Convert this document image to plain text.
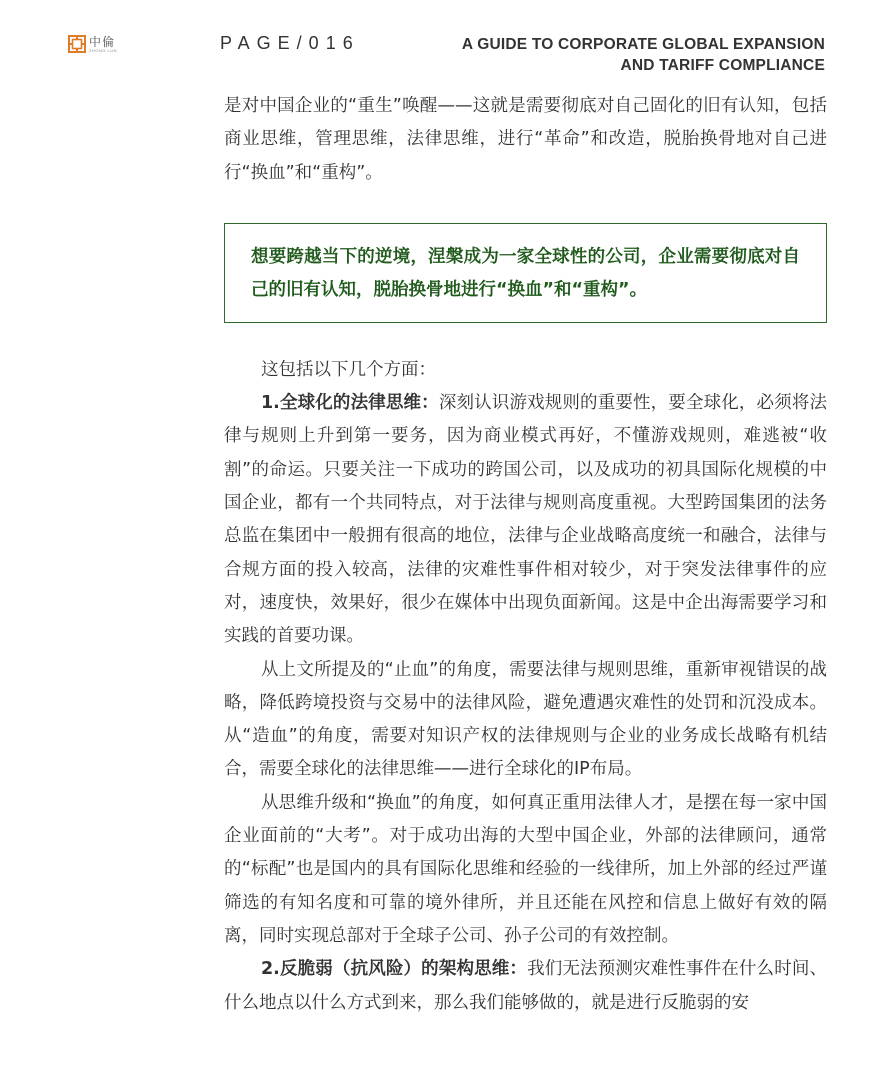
中倫
ZHONG LUN	PAGE/016	A GUIDE TO CORPORATE GLOBAL EXPANSION
AND TARIFF COMPLIANCE

是对中国企业的“重生”唤醒——这就是需要彻底对自己固化的旧有认知，包括商业思维，管理思维，法律思维，进行“革命”和改造，脱胎换骨地对自己进行“换血”和“重构”。

想要跨越当下的逆境，涅槃成为一家全球性的公司，企业需要彻底对自己的旧有认知，脱胎换骨地进行“换血”和“重构”。

这包括以下几个方面：

1.全球化的法律思维：深刻认识游戏规则的重要性，要全球化，必须将法律与规则上升到第一要务，因为商业模式再好，不懂游戏规则，难逃被“收割”的命运。只要关注一下成功的跨国公司，以及成功的初具国际化规模的中国企业，都有一个共同特点，对于法律与规则高度重视。大型跨国集团的法务总监在集团中一般拥有很高的地位，法律与企业战略高度统一和融合，法律与合规方面的投入较高，法律的灾难性事件相对较少，对于突发法律事件的应对，速度快，效果好，很少在媒体中出现负面新闻。这是中企出海需要学习和实践的首要功课。

从上文所提及的“止血”的角度，需要法律与规则思维，重新审视错误的战略，降低跨境投资与交易中的法律风险，避免遭遇灾难性的处罚和沉没成本。从“造血”的角度，需要对知识产权的法律规则与企业的业务成长战略有机结合，需要全球化的法律思维——进行全球化的IP布局。

从思维升级和“换血”的角度，如何真正重用法律人才，是摆在每一家中国企业面前的“大考”。对于成功出海的大型中国企业，外部的法律顾问，通常的“标配”也是国内的具有国际化思维和经验的一线律所，加上外部的经过严谨筛选的有知名度和可靠的境外律所，并且还能在风控和信息上做好有效的隔离，同时实现总部对于全球子公司、孙子公司的有效控制。

2.反脆弱（抗风险）的架构思维：我们无法预测灾难性事件在什么时间、什么地点以什么方式到来，那么我们能够做的，就是进行反脆弱的安
